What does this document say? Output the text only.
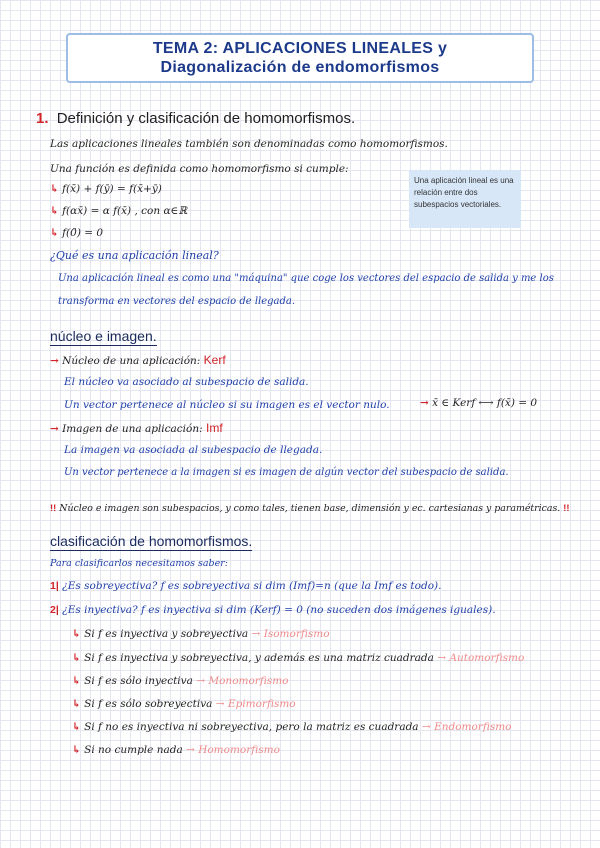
TEMA 2: APLICACIONES LINEALES y
Diagonalización de endomorfismos
1. Definición y clasificación de homomorfismos.
Las aplicaciones lineales también son denominadas como homomorfismos.
Una función es definida como homomorfismo si cumple:
↳ f(x̄) + f(ȳ) = f(x̄+ȳ)
↳ f(αx̄) = α f(x̄) , con α∈ℝ
↳ f(0̄) = 0
Una aplicación lineal es una relación entre dos subespacios vectoriales.
¿Qué es una aplicación lineal?
Una aplicación lineal es como una "máquina" que coge los vectores del espacio de salida y me los
transforma en vectores del espacio de llegada.
núcleo e imagen.
→ Núcleo de una aplicación: Kerf
El núcleo va asociado al subespacio de salida.
Un vector pertenece al núcleo si su imagen es el vector nulo.	→ x̄ ∈ Kerf ⟷ f(x̄) = 0
→ Imagen de una aplicación: Imf
La imagen va asociada al subespacio de llegada.
Un vector pertenece a la imagen si es imagen de algún vector del subespacio de salida.
!! Núcleo e imagen son subespacios, y como tales, tienen base, dimensión y ec. cartesianas y paramétricas. !!
clasificación de homomorfismos.
Para clasificarlos necesitamos saber:
1| ¿Es sobreyectiva? f es sobreyectiva si dim (Imf)=n (que la Imf es todo).
2| ¿Es inyectiva? f es inyectiva si dim (Kerf) = 0 (no suceden dos imágenes iguales).
↳ Si f es inyectiva y sobreyectiva → Isomorfismo
↳ Si f es inyectiva y sobreyectiva, y además es una matriz cuadrada → Automorfismo
↳ Si f es sólo inyectiva → Monomorfismo
↳ Si f es sólo sobreyectiva → Epimorfismo
↳ Si f no es inyectiva ni sobreyectiva, pero la matriz es cuadrada → Endomorfismo
↳ Si no cumple nada → Homomorfismo
